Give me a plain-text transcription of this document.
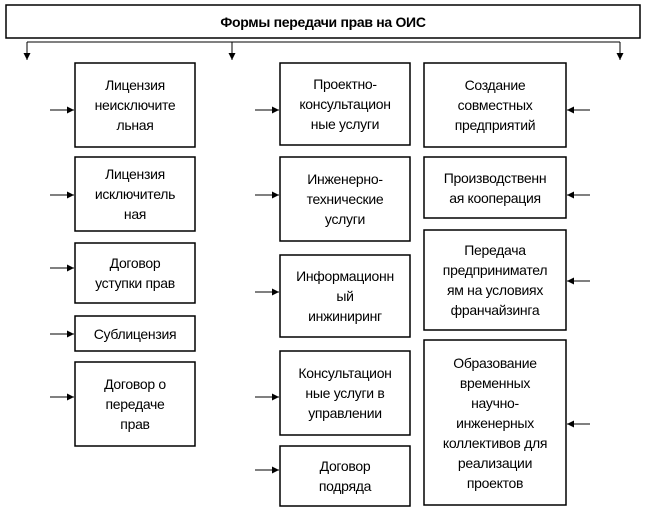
Формы передачи прав на ОИС
Лицензия
неисключите
льная
Лицензия
исключитель
ная
Договор
уступки прав
Сублицензия
Договор о
передаче
прав
Проектно-
консультацион
ные услуги
Инженерно-
технические
услуги
Информационн
ый
инжиниринг
Консультацион
ные услуги в
управлении
Договор
подряда
Создание
совместных
предприятий
Производственн
ая кооперация
Передача
предпринимател
ям на условиях
франчайзинга
Образование
временных
научно-
инженерных
коллективов для
реализации
проектов
